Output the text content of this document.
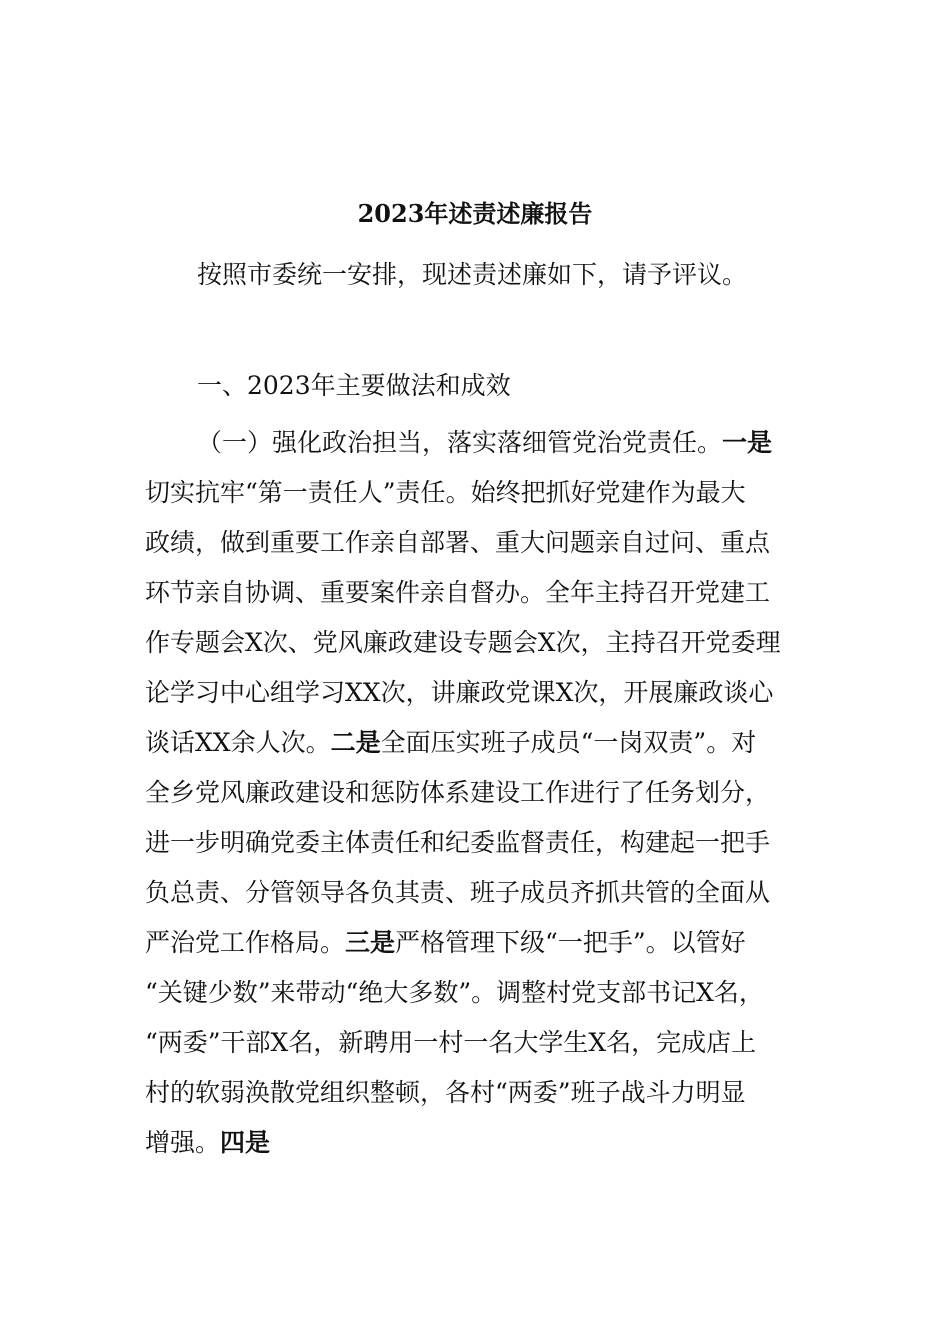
2023年述责述廉报告
按照市委统一安排，现述责述廉如下，请予评议。
一、2023年主要做法和成效
（一）强化政治担当，落实落细管党治党责任。一是
切实抗牢“第一责任人”责任。始终把抓好党建作为最大
政绩，做到重要工作亲自部署、重大问题亲自过问、重点
环节亲自协调、重要案件亲自督办。全年主持召开党建工
作专题会X次、党风廉政建设专题会X次，主持召开党委理
论学习中心组学习XX次，讲廉政党课X次，开展廉政谈心
谈话XX余人次。二是全面压实班子成员“一岗双责”。对
全乡党风廉政建设和惩防体系建设工作进行了任务划分，
进一步明确党委主体责任和纪委监督责任，构建起一把手
负总责、分管领导各负其责、班子成员齐抓共管的全面从
严治党工作格局。三是严格管理下级“一把手”。以管好
“关键少数”来带动“绝大多数”。调整村党支部书记X名，
“两委”干部X名，新聘用一村一名大学生X名，完成店上
村的软弱涣散党组织整顿，各村“两委”班子战斗力明显
增强。四是
